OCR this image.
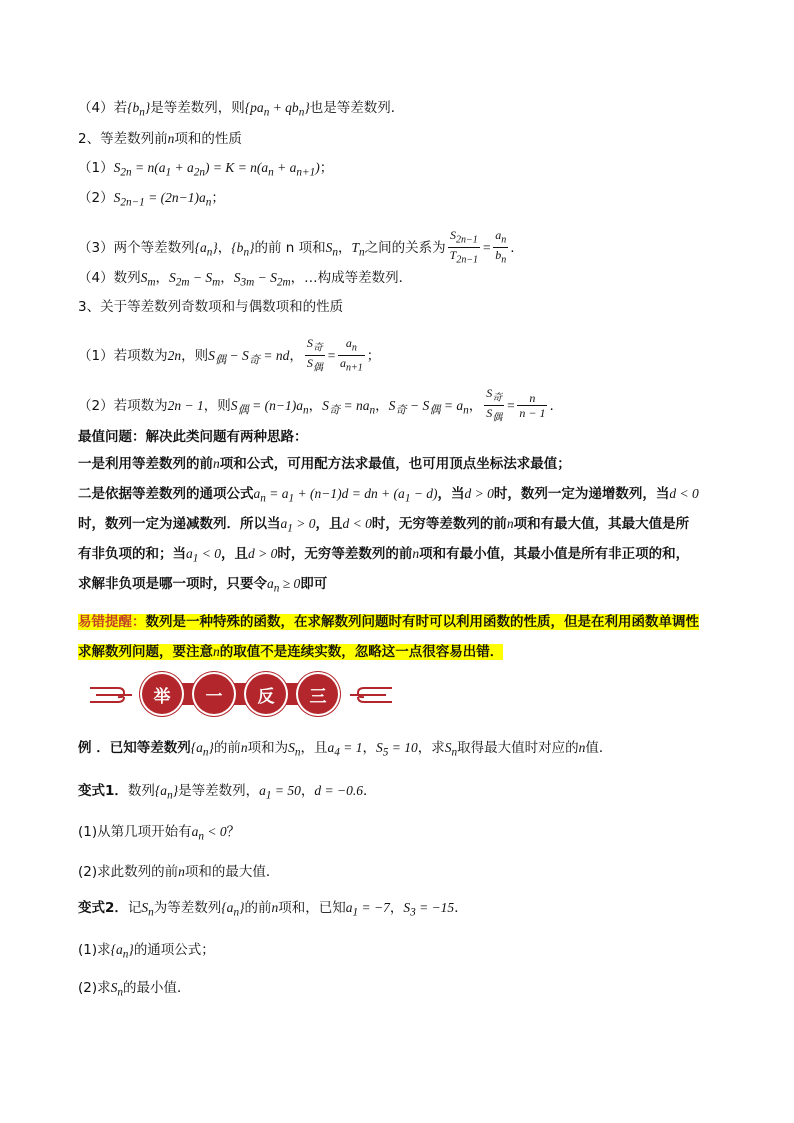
（4）若$\{b_n\}$是等差数列，则$\{pa_n + qb_n\}$也是等差数列．
2、等差数列前n项和的性质
$(1)S_{2n} = n(a_1 + a_{2n}) = K = n(a_n + a_{n+1})$；
$(2)S_{2n-1} = (2n-1)a_n$；
（3）两个等差数列$\{a_n\}$，$\{b_n\}$的前 n 项和$S_n$，$T_n$之间的关系为 $\frac{S_{2n-1}}{T_{2n-1}} = \frac{a_n}{b_n}$ .
（4）数列$S_m$，$S_{2m} - S_m$，$S_{3m} - S_{2m}$，…构成等差数列．
3、关于等差数列奇数项和与偶数项和的性质
（1）若项数为2n，则$S_偶 - S_奇$ = nd， $\frac{S_奇}{S_偶} = \frac{a_n}{a_{n+1}}$ ；
（2）若项数为2n − 1，则$S_偶 = (n-1)a_n$，$S_奇 = na_n$，$S_奇 - S_偶 = a_n$， $\frac{S_奇}{S_偶} = \frac{n}{n - 1}$ .
最值问题：解决此类问题有两种思路：
一是利用等差数列的前n项和公式，可用配方法求最值，也可用顶点坐标法求最值；
二是依据等差数列的通项公式$a_n = a_1 + (n-1)d$ = dn + $(a_1 - d)$，当d > 0时，数列一定为递增数列，当d < 0
时，数列一定为递减数列．所以当$a_1 > 0$，且d < 0时，无穷等差数列的前n项和有最大值，其最大值是所
有非负项的和；当$a_1 < 0$，且d > 0时，无穷等差数列的前n项和有最小值，其最小值是所有非正项的和，
求解非负项是哪一项时，只要令$a_n \ge 0$即可
易错提醒：数列是一种特殊的函数，在求解数列问题时有时可以利用函数的性质，但是在利用函数单调性
求解数列问题，要注意n的取值不是连续实数，忽略这一点很容易出错．
举	一	反	三
例 ．已知等差数列$\{a_n\}$的前n项和为$S_n$，且$a_4 = 1$，$S_5 = 10$，求$S_n$取得最大值时对应的n值．
变式1．数列$\{a_n\}$是等差数列，$a_1 = 50$，d = −0.6．
(1)从第几项开始有$a_n < 0$？
(2)求此数列的前n项和的最大值．
变式2．记$S_n$为等差数列$\{a_n\}$的前n项和，已知$a_1 = -7$，$S_3 = -15$．
(1)求$\{a_n\}$的通项公式；
(2)求$S_n$的最小值．
